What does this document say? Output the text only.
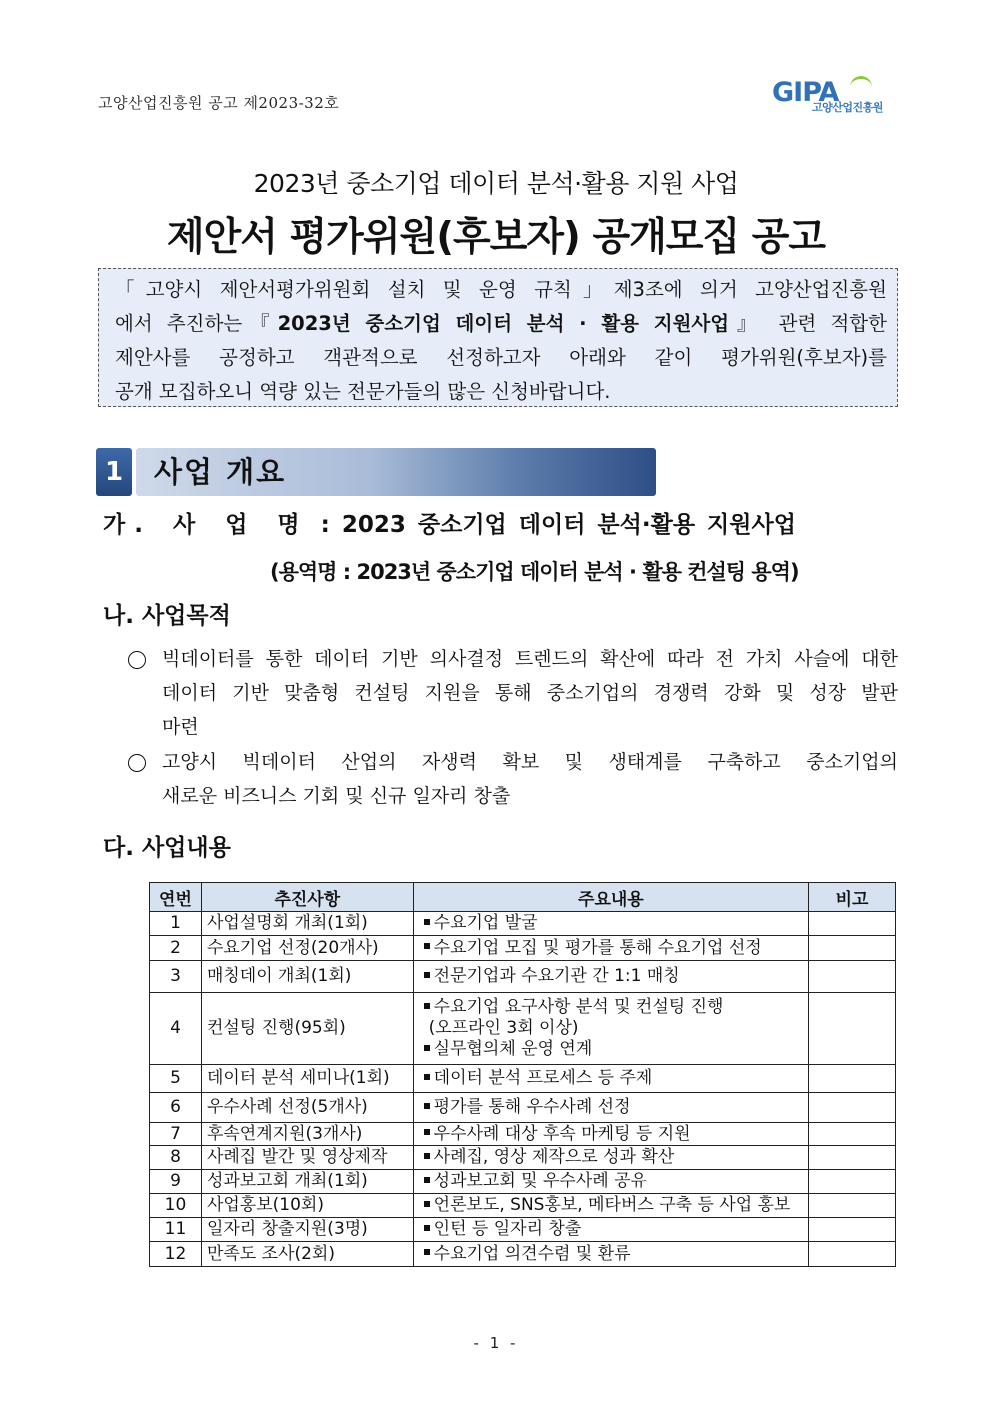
고양산업진흥원 공고 제2023-32호	GIPA
고양산업진흥원
2023년 중소기업 데이터 분석·활용 지원 사업
제안서 평가위원(후보자) 공개모집 공고
「고양시 제안서평가위원회 설치 및 운영 규칙」제3조에 의거 고양산업진흥원
에서 추진하는『2023년 중소기업 데이터 분석 · 활용 지원사업』 관련 적합한
제안사를 공정하고 객관적으로 선정하고자 아래와 같이 평가위원(후보자)를
공개 모집하오니 역량 있는 전문가들의 많은 신청바랍니다.
1	사업 개요
가. 사 업 명 : 2023 중소기업 데이터 분석·활용 지원사업
(용역명 : 2023년 중소기업 데이터 분석 · 활용 컨설팅 용역)
나. 사업목적
빅데이터를 통한 데이터 기반 의사결정 트렌드의 확산에 따라 전 가치 사슬에 대한
데이터 기반 맞춤형 컨설팅 지원을 통해 중소기업의 경쟁력 강화 및 성장 발판
마련
고양시 빅데이터 산업의 자생력 확보 및 생태계를 구축하고 중소기업의
새로운 비즈니스 기회 및 신규 일자리 창출
다. 사업내용
연번	추진사항	주요내용	비고
1	사업설명회 개최(1회)	수요기업 발굴	
2	수요기업 선정(20개사)	수요기업 모집 및 평가를 통해 수요기업 선정	
3	매칭데이 개최(1회)	전문기업과 수요기관 간 1:1 매칭	
4	컨설팅 진행(95회)	수요기업 요구사항 분석 및 컨설팅 진행
(오프라인 3회 이상)
실무협의체 운영 연계	

5	데이터 분석 세미나(1회)	데이터 분석 프로세스 등 주제	
6	우수사례 선정(5개사)	평가를 통해 우수사례 선정	
7	후속연계지원(3개사)	우수사례 대상 후속 마케팅 등 지원	
8	사례집 발간 및 영상제작	사례집, 영상 제작으로 성과 확산	
9	성과보고회 개최(1회)	성과보고회 및 우수사례 공유	
10	사업홍보(10회)	언론보도, SNS홍보, 메타버스 구축 등 사업 홍보	
11	일자리 창출지원(3명)	인턴 등 일자리 창출	
12	만족도 조사(2회)	수요기업 의견수렴 및 환류	
- 1 -
